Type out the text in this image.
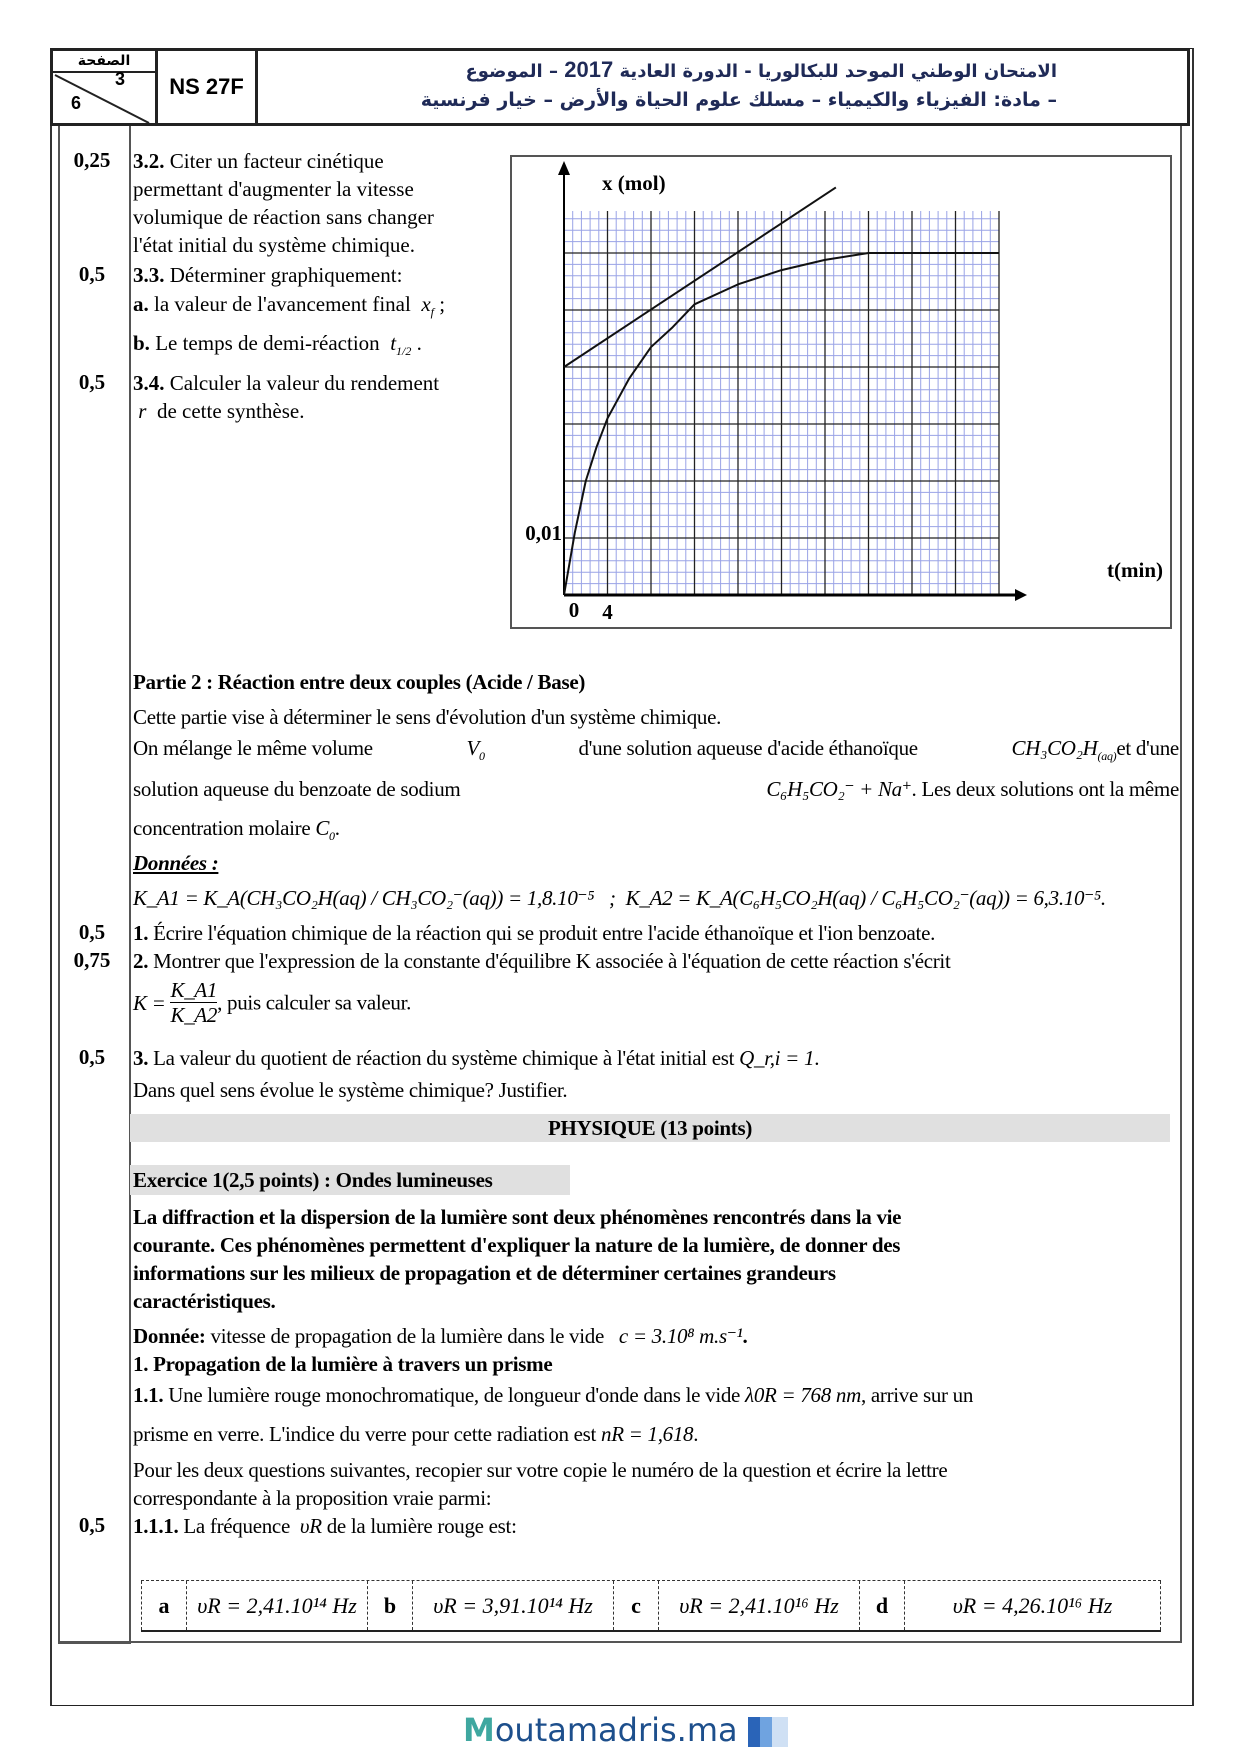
الصفحة
3
6
NS 27F
الامتحان الوطني الموحد للبكالوريا - الدورة العادية 2017 – الموضوع
– مادة: الفيزياء والكيمياء – مسلك علوم الحياة والأرض – خيار فرنسية
0,25
0,5
0,5
0,5
0,75
0,5
0,5
3.2. Citer un facteur cinétique
permettant d'augmenter la vitesse
volumique de réaction sans changer
l'état initial du système chimique.
3.3. Déterminer graphiquement:
a. la valeur de l'avancement final $x_f$ ;
b. Le temps de demi-réaction $t_{1/2}$ .
3.4. Calculer la valeur du rendement
r de cette synthèse.
x (mol)
t(min)
0 4
0,01
Partie 2 : Réaction entre deux couples (Acide / Base)
Cette partie vise à déterminer le sens d'évolution d'un système chimique.
On mélange le même volume	$V_0$	d'une solution aqueuse d'acide éthanoïque	$CH_3CO_2H_{(aq)}et$ d'une
solution aqueuse du benzoate de sodium	C₆H₅CO₂⁻ + Na⁺. Les deux solutions ont la même
concentration molaire $C_0$.
Données :
K_A1 = K_A(CH₃CO₂H(aq) / CH₃CO₂⁻(aq)) = 1,8.10⁻⁵   ;  K_A2 = K_A(C₆H₅CO₂H(aq) / C₆H₅CO₂⁻(aq)) = 6,3.10⁻⁵.
1. Écrire l'équation chimique de la réaction qui se produit entre l'acide éthanoïque et l'ion benzoate.
2. Montrer que l'expression de la constante d'équilibre K associée à l'équation de cette réaction s'écrit
$K = \frac{K\_A1}{K\_A2}$ , puis calculer sa valeur.
3. La valeur du quotient de réaction du système chimique à l'état initial est Q_r,i = 1.
Dans quel sens évolue le système chimique? Justifier.
PHYSIQUE (13 points)
Exercice 1(2,5 points) : Ondes lumineuses
La diffraction et la dispersion de la lumière sont deux phénomènes rencontrés dans la vie
courante. Ces phénomènes permettent d'expliquer la nature de la lumière, de donner des
informations sur les milieux de propagation et de déterminer certaines grandeurs
caractéristiques.
Donnée: vitesse de propagation de la lumière dans le vide c = 3.10⁸ m.s⁻¹.
1. Propagation de la lumière à travers un prisme
1.1. Une lumière rouge monochromatique, de longueur d'onde dans le vide λ0R = 768 nm, arrive sur un
prisme en verre. L'indice du verre pour cette radiation est nR = 1,618.
Pour les deux questions suivantes, recopier sur votre copie le numéro de la question et écrire la lettre
correspondante à la proposition vraie parmi:
1.1.1. La fréquence υR de la lumière rouge est:
a	υR = 2,41.10¹⁴ Hz	b	υR = 3,91.10¹⁴ Hz	c	υR = 2,41.10¹⁶ Hz	d	υR = 4,26.10¹⁶ Hz
Moutamadris.ma
